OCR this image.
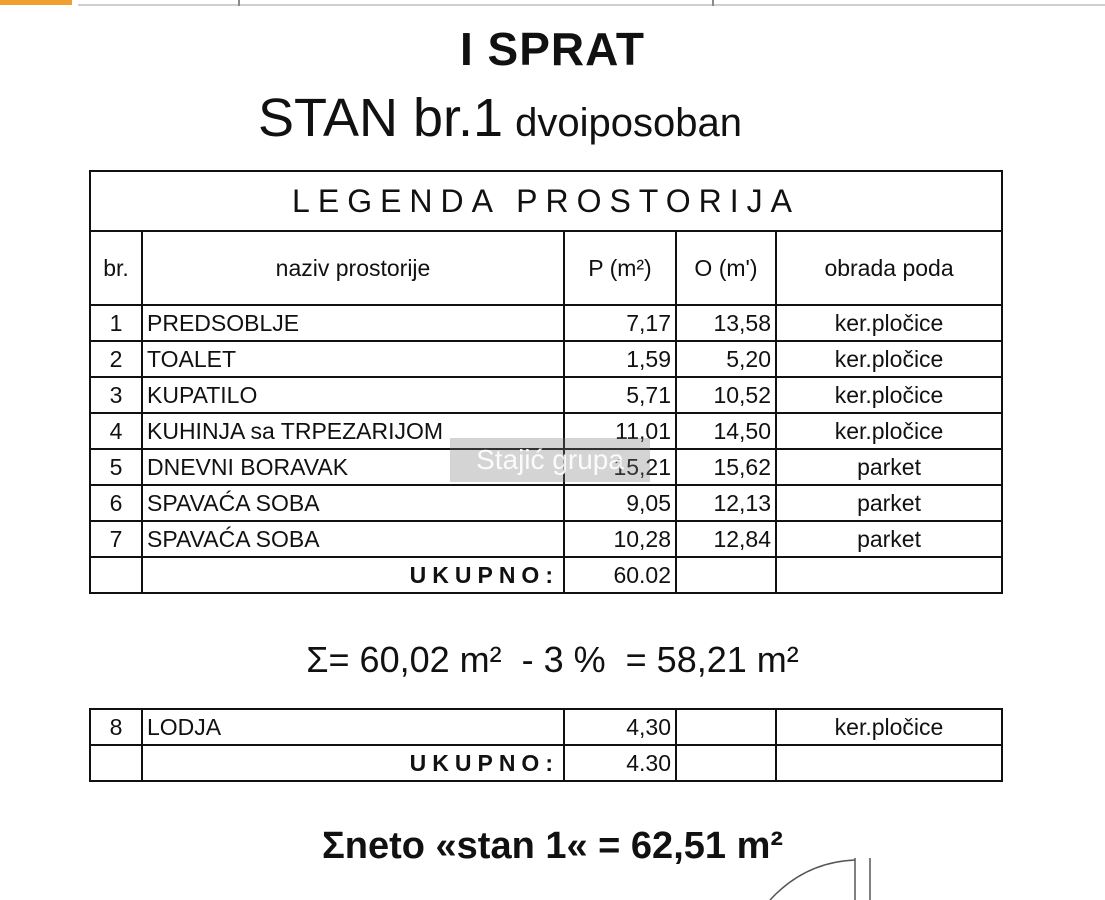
I SPRAT
STAN br.1 dvoiposoban
LEGENDA PROSTORIJA				
br.	naziv prostorije	P (m²)	O (m')	obrada poda
1	PREDSOBLJE	7,17	13,58	ker.pločice
2	TOALET	1,59	5,20	ker.pločice
3	KUPATILO	5,71	10,52	ker.pločice
4	KUHINJA sa TRPEZARIJOM	11,01	14,50	ker.pločice
5	DNEVNI BORAVAK	15,21	15,62	parket
6	SPAVAĆA SOBA	9,05	12,13	parket
7	SPAVAĆA SOBA	10,28	12,84	parket
	UKUPNO:	60.02		
Σ= 60,02 m²  - 3 %  = 58,21 m²
8	LODJA	4,30		ker.pločice
	UKUPNO:	4.30		
Σneto «stan 1« = 62,51 m²
Stajić grupa
